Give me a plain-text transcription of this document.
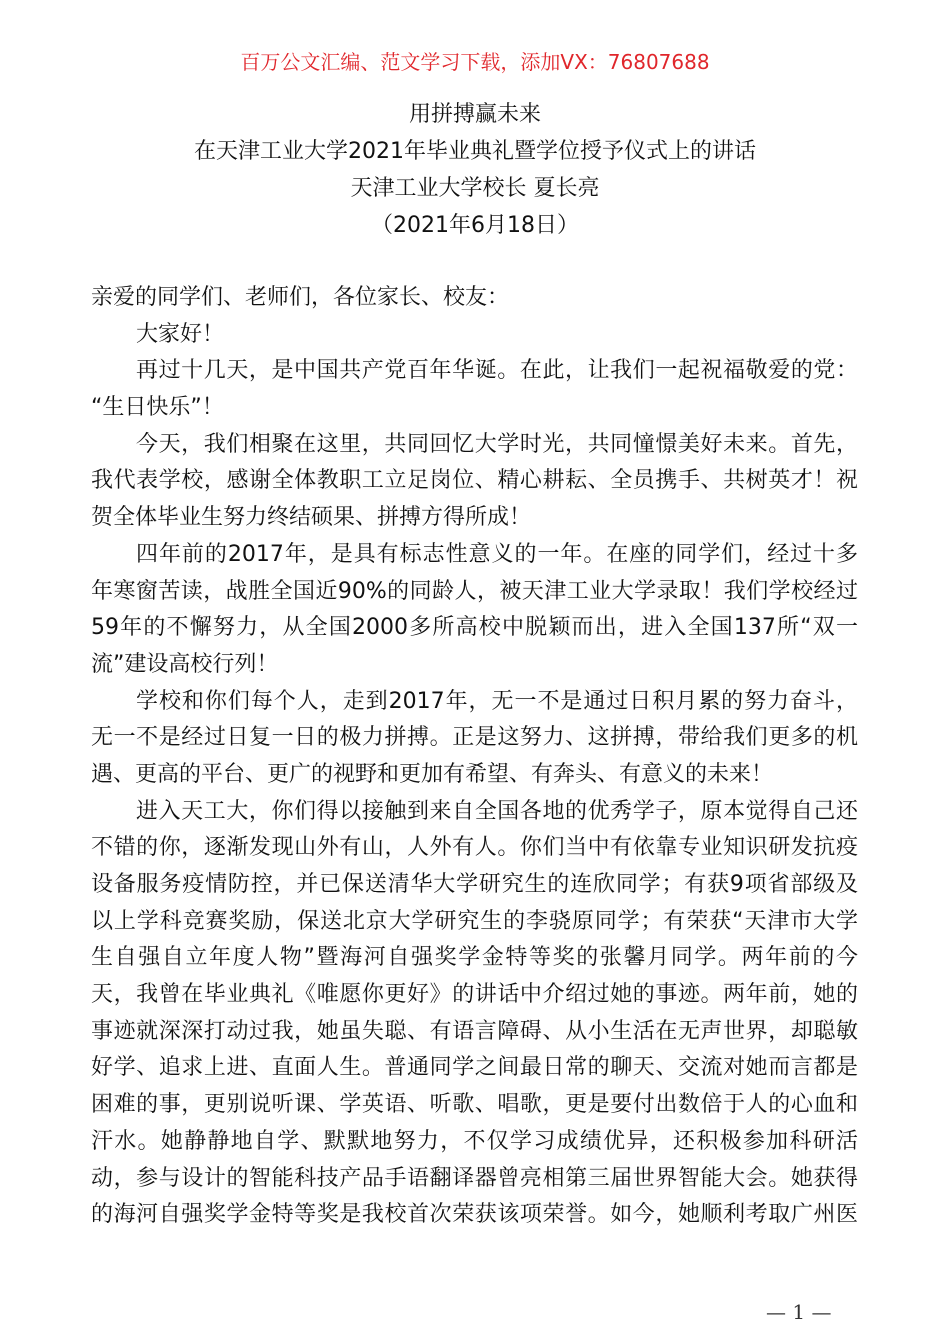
百万公文汇编、范文学习下载，添加VX：76807688
用拼搏赢未来
在天津工业大学2021年毕业典礼暨学位授予仪式上的讲话
天津工业大学校长 夏长亮
（2021年6月18日）
亲爱的同学们、老师们，各位家长、校友：
大家好！
再过十几天，是中国共产党百年华诞。在此，让我们一起祝福敬爱的党：
“生日快乐”！
今天，我们相聚在这里，共同回忆大学时光，共同憧憬美好未来。首先，
我代表学校，感谢全体教职工立足岗位、精心耕耘、全员携手、共树英才！祝
贺全体毕业生努力终结硕果、拼搏方得所成！
四年前的2017年，是具有标志性意义的一年。在座的同学们，经过十多
年寒窗苦读，战胜全国近90%的同龄人，被天津工业大学录取！我们学校经过
59年的不懈努力，从全国2000多所高校中脱颖而出，进入全国137所“双一
流”建设高校行列！
学校和你们每个人，走到2017年，无一不是通过日积月累的努力奋斗，
无一不是经过日复一日的极力拼搏。正是这努力、这拼搏，带给我们更多的机
遇、更高的平台、更广的视野和更加有希望、有奔头、有意义的未来！
进入天工大，你们得以接触到来自全国各地的优秀学子，原本觉得自己还
不错的你，逐渐发现山外有山，人外有人。你们当中有依靠专业知识研发抗疫
设备服务疫情防控，并已保送清华大学研究生的连欣同学；有获9项省部级及
以上学科竞赛奖励，保送北京大学研究生的李骁原同学；有荣获“天津市大学
生自强自立年度人物”暨海河自强奖学金特等奖的张馨月同学。两年前的今
天，我曾在毕业典礼《唯愿你更好》的讲话中介绍过她的事迹。两年前，她的
事迹就深深打动过我，她虽失聪、有语言障碍、从小生活在无声世界，却聪敏
好学、追求上进、直面人生。普通同学之间最日常的聊天、交流对她而言都是
困难的事，更别说听课、学英语、听歌、唱歌，更是要付出数倍于人的心血和
汗水。她静静地自学、默默地努力，不仅学习成绩优异，还积极参加科研活
动，参与设计的智能科技产品手语翻译器曾亮相第三届世界智能大会。她获得
的海河自强奖学金特等奖是我校首次荣获该项荣誉。如今，她顺利考取广州医
— 1 —
